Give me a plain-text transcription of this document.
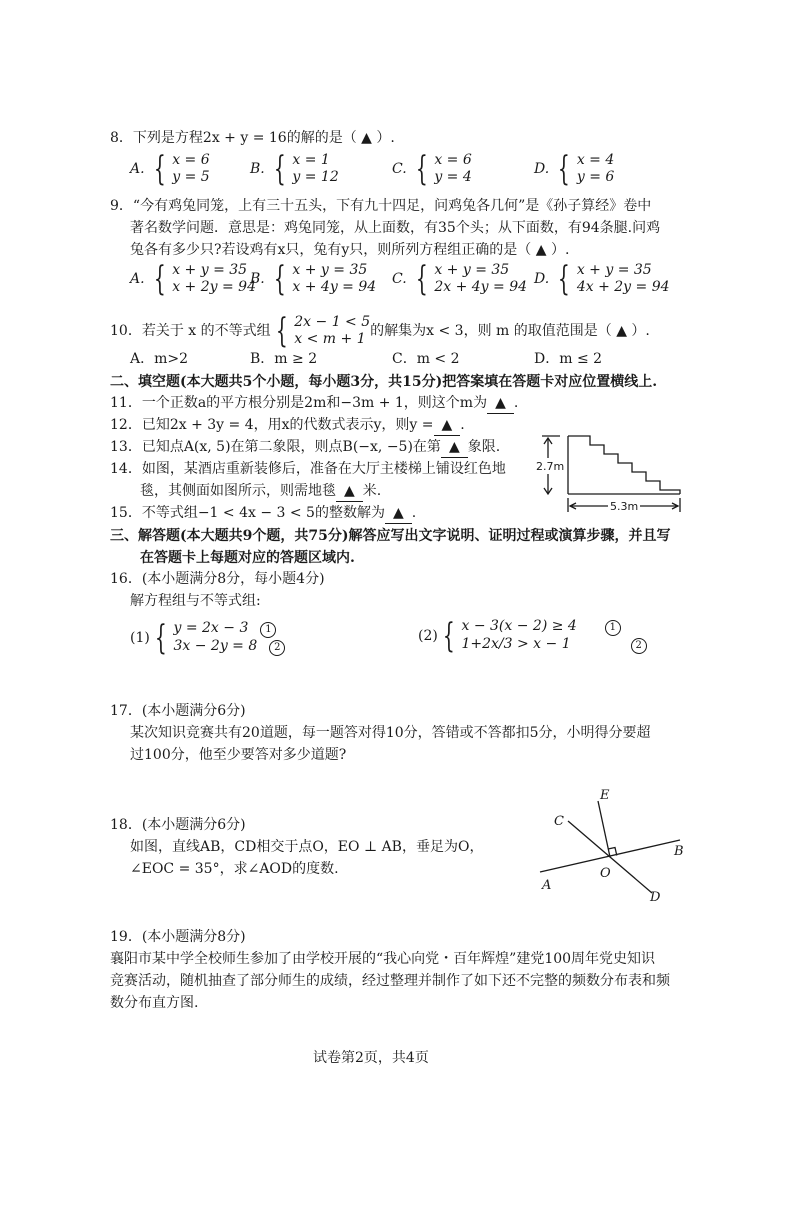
8．下列是方程2x + y = 16的解的是（ ▲ ）.
A. { x = 6
y = 5	B. { x = 1
y = 12	C. { x = 6
y = 4	D. { x = 4
y = 6
9．“今有鸡兔同笼，上有三十五头，下有九十四足，问鸡兔各几何”是《孙子算经》卷中
著名数学问题．意思是：鸡兔同笼，从上面数，有35个头；从下面数，有94条腿.问鸡
兔各有多少只?若设鸡有x只，兔有y只，则所列方程组正确的是（ ▲ ）.
A. { x + y = 35
x + 2y = 94
B. { x + y = 35
x + 4y = 94 C. { x + y = 35
2x + 4y = 94 D. { x + y = 35
4x + 2y = 94
10．若关于 x 的不等式组 { 2x − 1 < 5
x < m + 1 的解集为x < 3，则 m 的取值范围是（ ▲ ）.
A．m>2	B．m ≥ 2	C．m < 2	D．m ≤ 2
二、填空题(本大题共5个小题，每小题3分，共15分)把答案填在答题卡对应位置横线上.
11．一个正数a的平方根分别是2m和−3m + 1，则这个m为 ▲ .
12．已知2x + 3y = 4，用x的代数式表示y，则y = ▲ .
13．已知点A(x, 5)在第二象限，则点B(−x, −5)在第 ▲ 象限.
14．如图，某酒店重新装修后，准备在大厅主楼梯上铺设红色地
毯，其侧面如图所示，则需地毯 ▲ 米.
15．不等式组−1 < 4x − 3 < 5的整数解为 ▲ .
2.7m
5.3m
三、解答题(本大题共9个题，共75分)解答应写出文字说明、证明过程或演算步骤，并且写
在答题卡上每题对应的答题区域内.
16．(本小题满分8分，每小题4分)
解方程组与不等式组:
(1) { y = 2x − 3 1
3x − 2y = 8 2
(2) { x − 3(x − 2) ≥ 4	1
1+2x/3 > x − 1	2
17．(本小题满分6分)
某次知识竞赛共有20道题，每一题答对得10分，答错或不答都扣5分，小明得分要超
过100分，他至少要答对多少道题?
18．(本小题满分6分)
如图，直线AB，CD相交于点O，EO ⊥ AB，垂足为O，
∠EOC = 35°，求∠AOD的度数.
E
C
B
O
A
D
19．(本小题满分8分)
襄阳市某中学全校师生参加了由学校开展的“我心向党・百年辉煌”建党100周年党史知识
竞赛活动，随机抽查了部分师生的成绩，经过整理并制作了如下还不完整的频数分布表和频
数分布直方图.
试卷第2页，共4页
